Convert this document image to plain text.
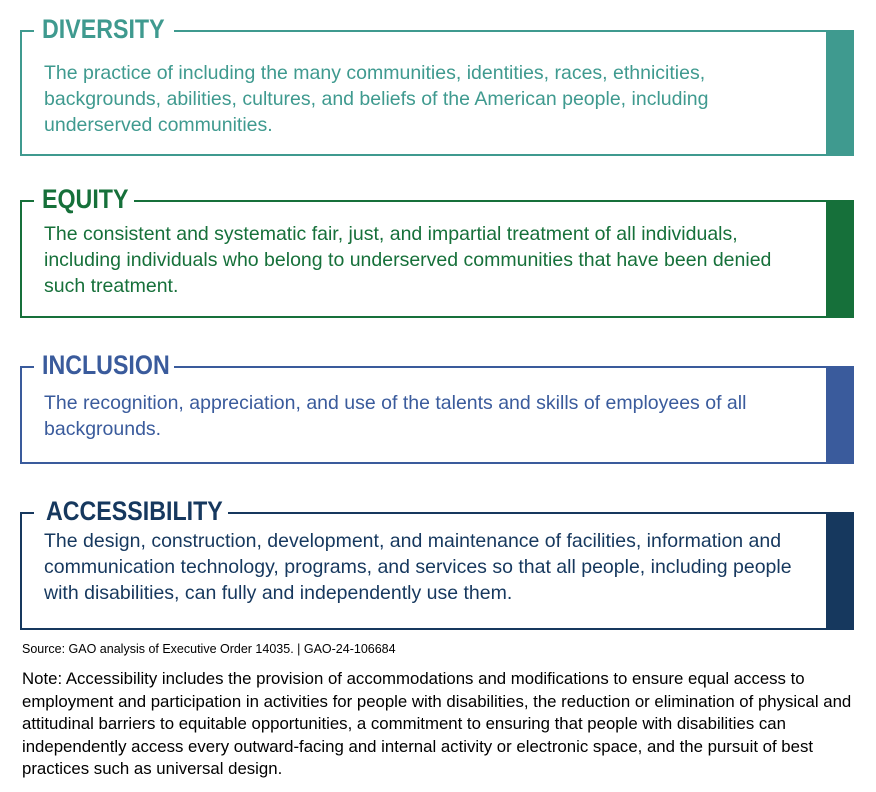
DIVERSITY
The practice of including the many communities, identities, races, ethnicities, backgrounds, abilities, cultures, and beliefs of the American people, including underserved communities.
EQUITY
The consistent and systematic fair, just, and impartial treatment of all individuals, including individuals who belong to underserved communities that have been denied such treatment.
INCLUSION
The recognition, appreciation, and use of the talents and skills of employees of all backgrounds.
ACCESSIBILITY
The design, construction, development, and maintenance of facilities, information and communication technology, programs, and services so that all people, including people with disabilities, can fully and independently use them.
Source: GAO analysis of Executive Order 14035. | GAO-24-106684
Note: Accessibility includes the provision of accommodations and modifications to ensure equal access to employment and participation in activities for people with disabilities, the reduction or elimination of physical and attitudinal barriers to equitable opportunities, a commitment to ensuring that people with disabilities can independently access every outward-facing and internal activity or electronic space, and the pursuit of best practices such as universal design.
